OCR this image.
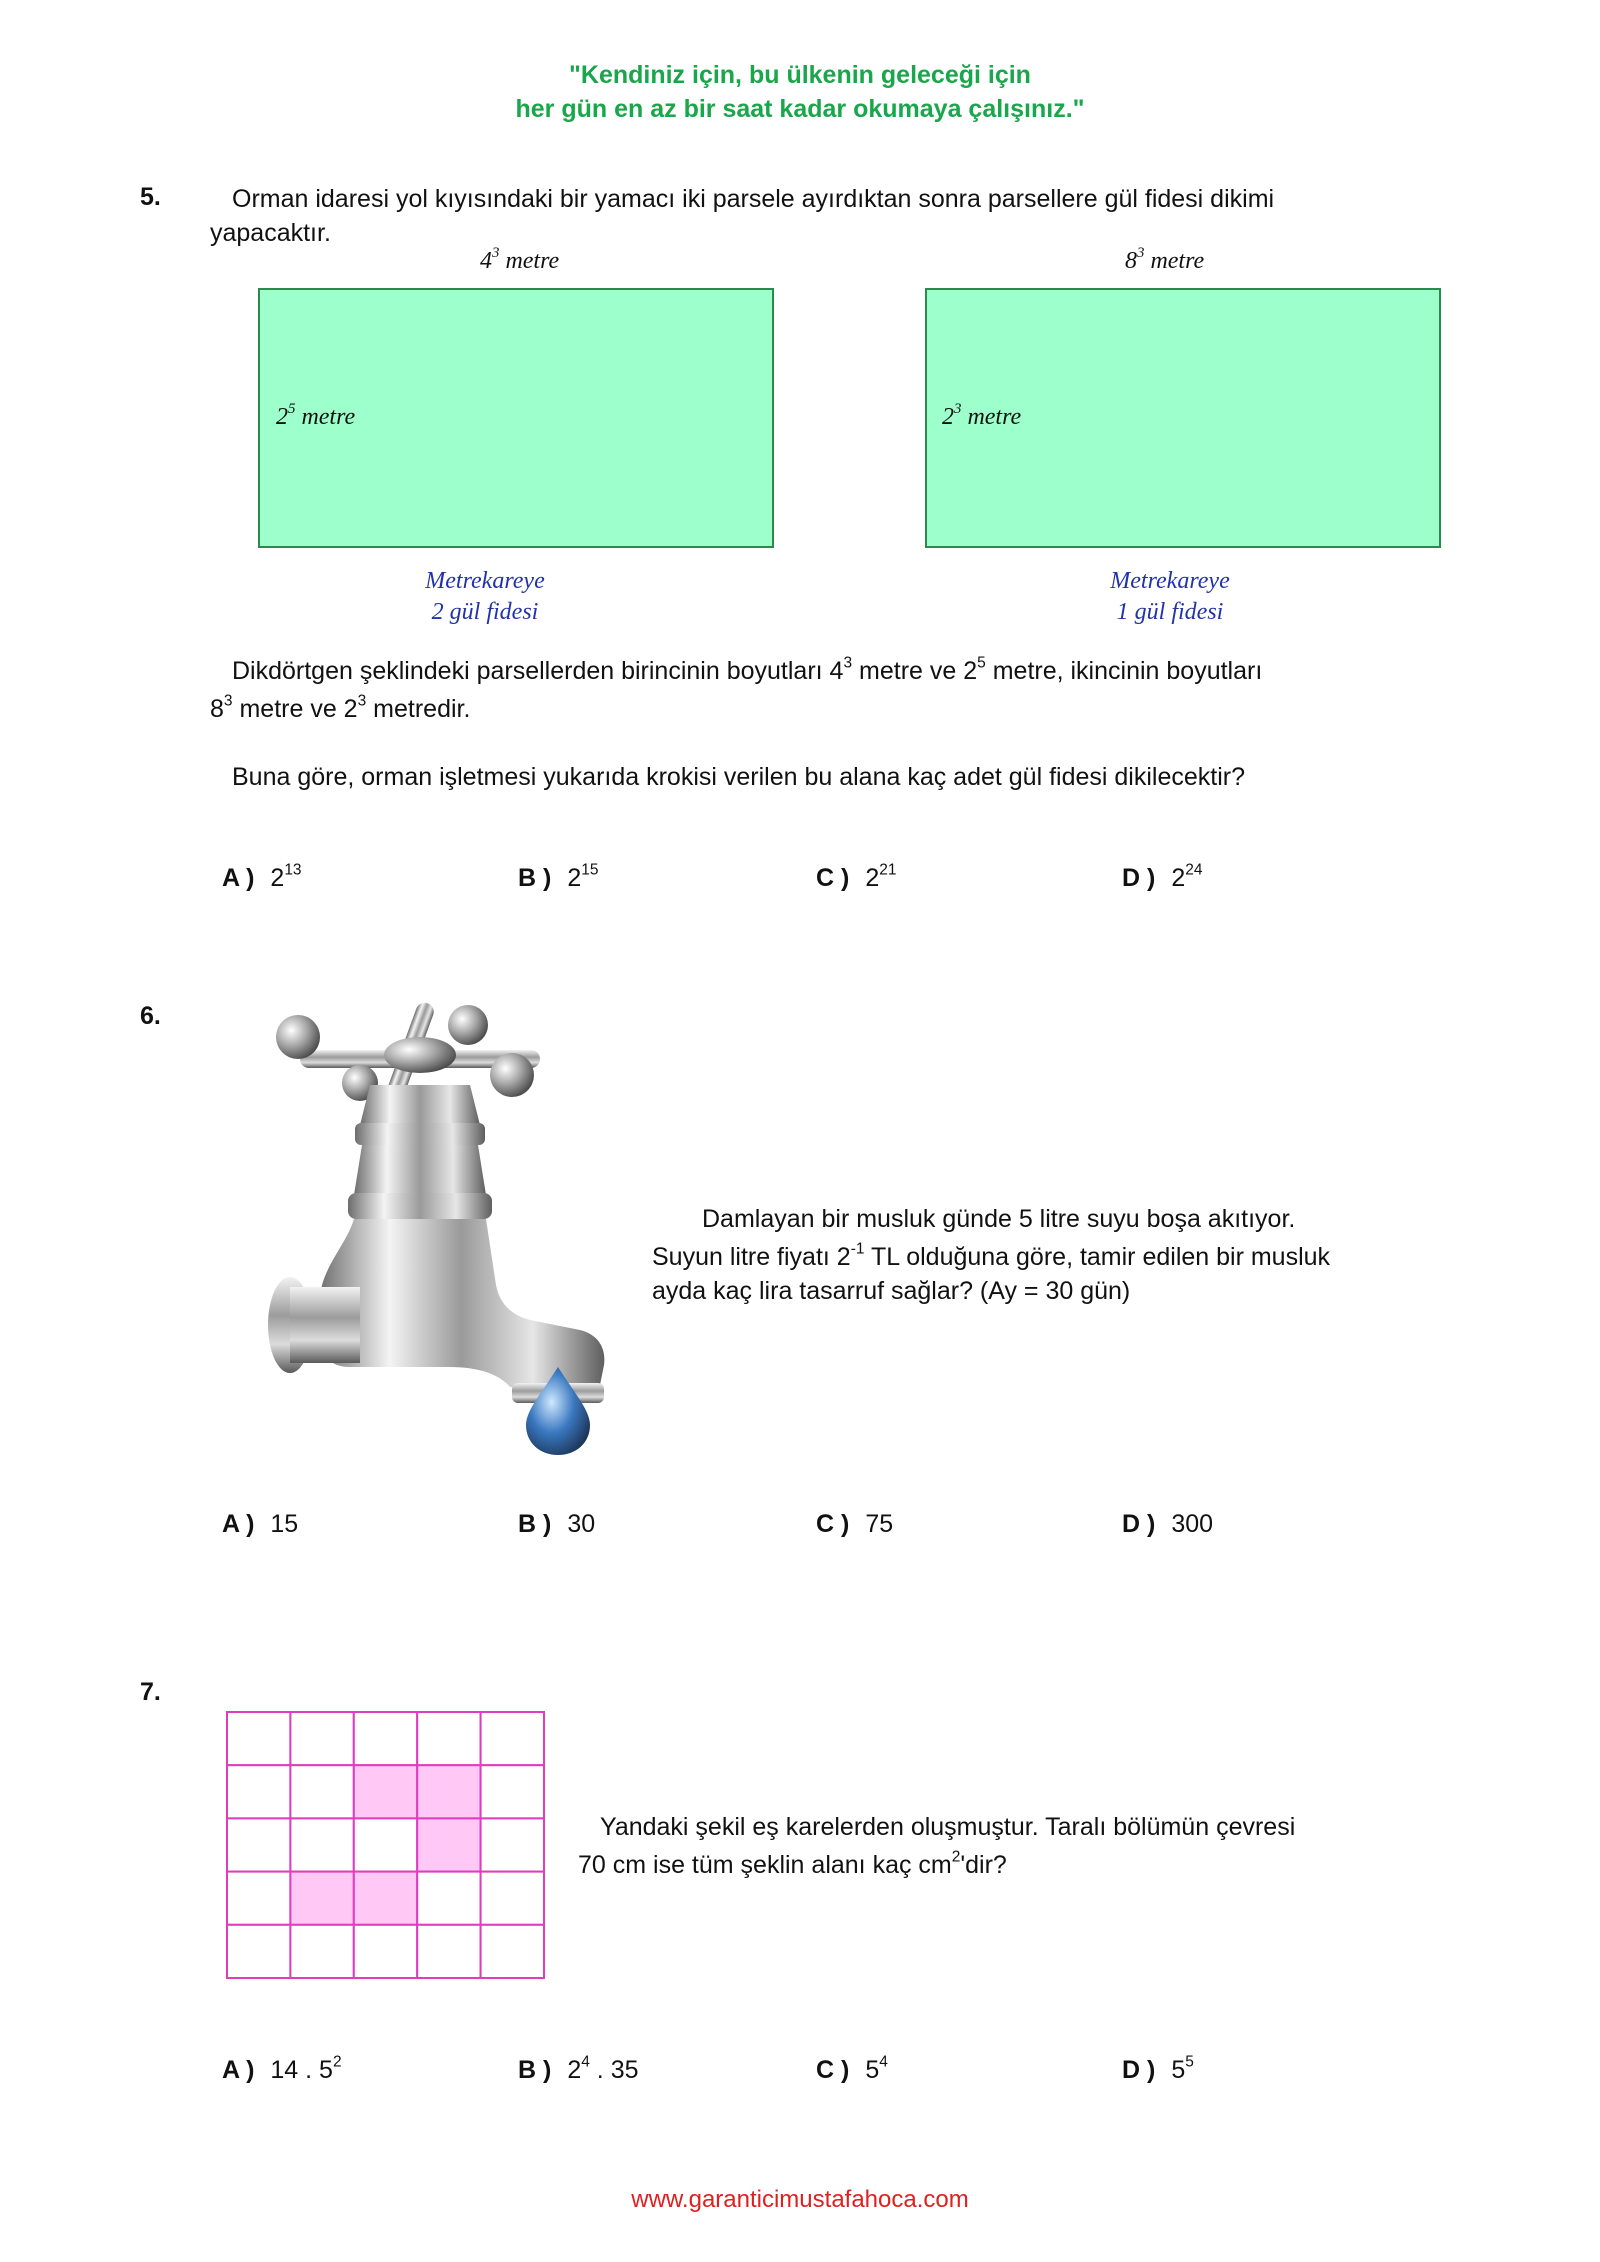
"Kendiniz için, bu ülkenin geleceği için
her gün en az bir saat kadar okumaya çalışınız."
5.	Orman idaresi yol kıyısındaki bir yamacı iki parsele ayırdıktan sonra parsellere gül fidesi dikimi
yapacaktır.
$4^3$ metre
$2^5$ metre
Metrekareye
2 gül fidesi
$8^3$ metre
$2^3$ metre
Metrekareye
1 gül fidesi
Dikdörtgen şeklindeki parsellerden birincinin boyutları $4^3$ metre ve $2^5$ metre, ikincinin boyutları
$8^3$ metre ve $2^3$ metredir.
Buna göre, orman işletmesi yukarıda krokisi verilen bu alana kaç adet gül fidesi dikilecektir?
A ) $2^{13}$	B ) $2^{15}$	C ) $2^{21}$	D ) $2^{24}$
6.
Damlayan bir musluk günde 5 litre suyu boşa akıtıyor.
Suyun litre fiyatı $2^{-1}$ TL olduğuna göre, tamir edilen bir musluk
ayda kaç lira tasarruf sağlar? (Ay = 30 gün)
A ) 15	B ) 30	C ) 75	D ) 300
7.
Yandaki şekil eş karelerden oluşmuştur. Taralı bölümün çevresi
70 cm ise tüm şeklin alanı kaç $cm^2'dir$?
A ) 14 . $5^2$	B ) $2^4$ . 35	C ) $5^4$	D ) $5^5$
www.garanticimustafahoca.com
